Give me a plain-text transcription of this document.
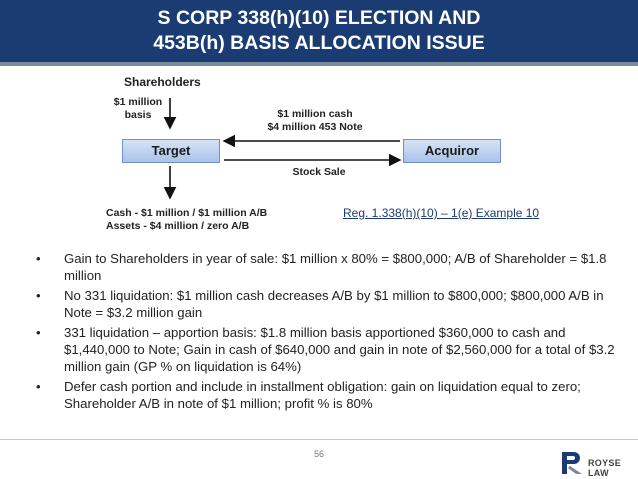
S CORP 338(h)(10) ELECTION AND
453B(h) BASIS ALLOCATION ISSUE
Shareholders
$1 million
basis	$1 million cash
$4 million 453 Note
Target	Acquiror
Stock Sale
Cash - $1 million / $1 million A/B
Assets - $4 million / zero A/B
Reg. 1.338(h)(10) – 1(e) Example 10
• Gain to Shareholders in year of sale: $1 million x 80% = $800,000; A/B of Shareholder = $1.8 million
• No 331 liquidation: $1 million cash decreases A/B by $1 million to $800,000; $800,000 A/B in Note = $3.2 million gain
• 331 liquidation – apportion basis: $1.8 million basis apportioned $360,000 to cash and $1,440,000 to Note; Gain in cash of $640,000 and gain in note of $2,560,000 for a total of $3.2 million gain (GP % on liquidation is 64%)
• Defer cash portion and include in installment obligation: gain on liquidation equal to zero; Shareholder A/B in note of $1 million; profit % is 80%
56
ROYSE LAW
